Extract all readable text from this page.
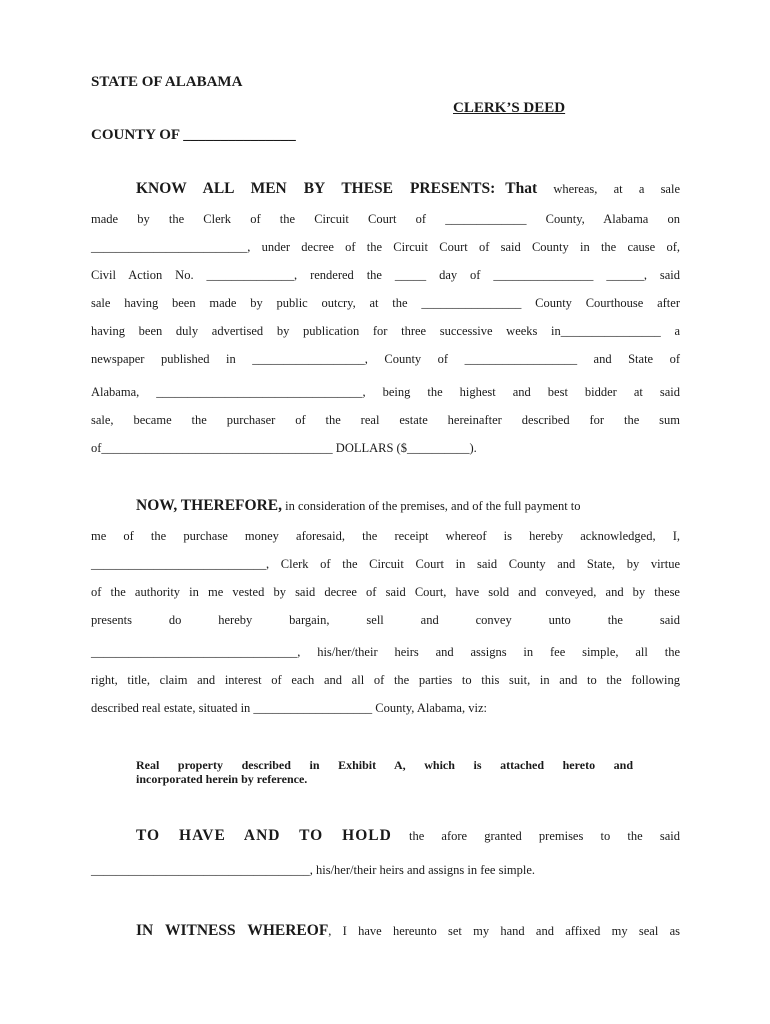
STATE OF ALABAMA
CLERK’S DEED
COUNTY OF _______________
KNOW ALL MEN BY THESE PRESENTS: That whereas, at a sale
made by the Clerk of the Circuit Court of _____________ County, Alabama on
_________________________, under decree of the Circuit Court of said County in the cause of,
Civil Action No. ______________, rendered the _____ day of ________________ ______, said
sale having been made by public outcry, at the ________________ County Courthouse after
having been duly advertised by publication for three successive weeks in________________ a
newspaper published in __________________, County of __________________ and State of
Alabama, _________________________________, being the highest and best bidder at said
sale, became the purchaser of the real estate hereinafter described for the sum
of_____________________________________ DOLLARS ($__________).
NOW, THEREFORE, in consideration of the premises, and of the full payment to
me of the purchase money aforesaid, the receipt whereof is hereby acknowledged, I,
____________________________, Clerk of the Circuit Court in said County and State, by virtue
of the authority in me vested by said decree of said Court, have sold and conveyed, and by these
presents do hereby bargain, sell and convey unto the said
_________________________________, his/her/their heirs and assigns in fee simple, all the
right, title, claim and interest of each and all of the parties to this suit, in and to the following
described real estate, situated in ___________________ County, Alabama, viz:
Real property described in Exhibit A, which is attached hereto and
incorporated herein by reference.
TO HAVE AND TO HOLD the afore granted premises to the said
___________________________________, his/her/their heirs and assigns in fee simple.
IN WITNESS WHEREOF, I have hereunto set my hand and affixed my seal as
